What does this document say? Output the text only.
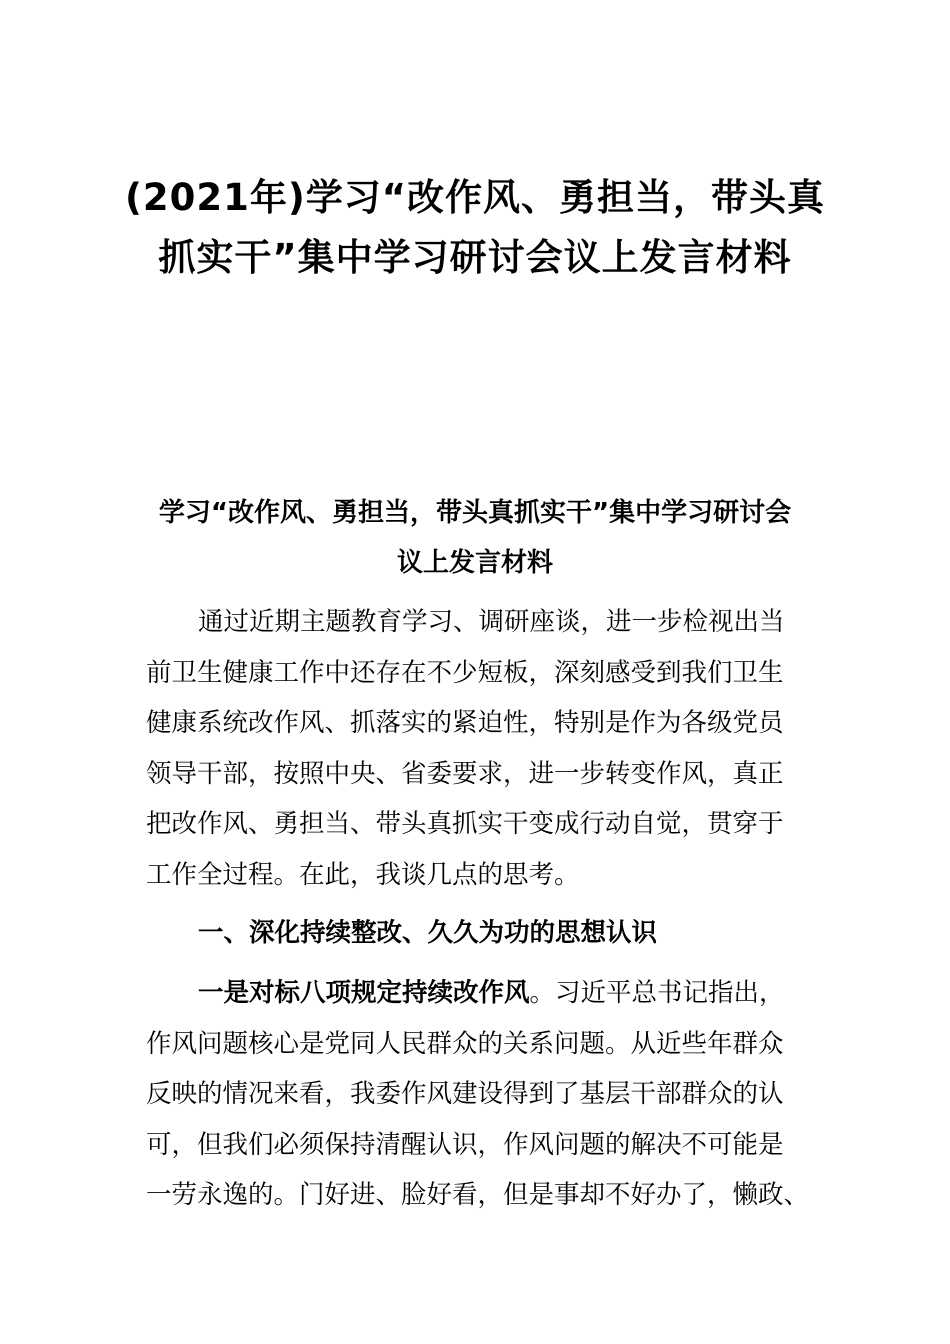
(2021年)学习“改作风、勇担当，带头真
抓实干”集中学习研讨会议上发言材料
学习“改作风、勇担当，带头真抓实干”集中学习研讨会
议上发言材料
通过近期主题教育学习、调研座谈，进一步检视出当
前卫生健康工作中还存在不少短板，深刻感受到我们卫生
健康系统改作风、抓落实的紧迫性，特别是作为各级党员
领导干部，按照中央、省委要求，进一步转变作风，真正
把改作风、勇担当、带头真抓实干变成行动自觉，贯穿于
工作全过程。在此，我谈几点的思考。
一、深化持续整改、久久为功的思想认识
一是对标八项规定持续改作风。习近平总书记指出，
作风问题核心是党同人民群众的关系问题。从近些年群众
反映的情况来看，我委作风建设得到了基层干部群众的认
可，但我们必须保持清醒认识，作风问题的解决不可能是
一劳永逸的。门好进、脸好看，但是事却不好办了，懒政、
